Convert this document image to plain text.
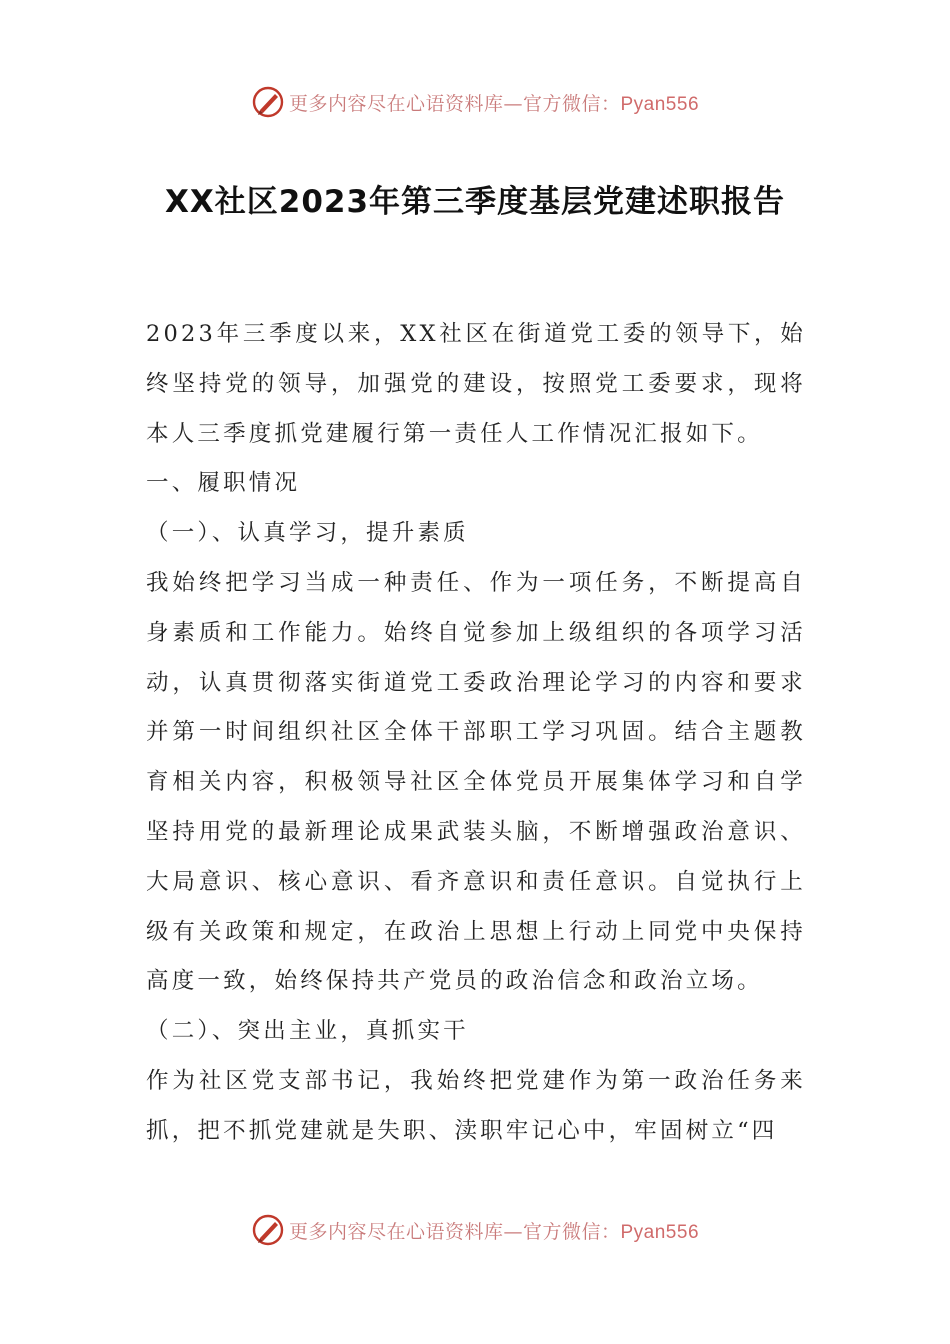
更多内容尽在心语资料库—官方微信：Pyan556
XX社区2023年第三季度基层党建述职报告

2023年三季度以来，XX社区在街道党工委的领导下，始终坚持党的领导，加强党的建设，按照党工委要求，现将本人三季度抓党建履行第一责任人工作情况汇报如下。

一、履职情况

（一）、认真学习，提升素质

我始终把学习当成一种责任、作为一项任务，不断提高自身素质和工作能力。始终自觉参加上级组织的各项学习活动，认真贯彻落实街道党工委政治理论学习的内容和要求并第一时间组织社区全体干部职工学习巩固。结合主题教育相关内容，积极领导社区全体党员开展集体学习和自学坚持用党的最新理论成果武装头脑，不断增强政治意识、大局意识、核心意识、看齐意识和责任意识。自觉执行上级有关政策和规定，在政治上思想上行动上同党中央保持高度一致，始终保持共产党员的政治信念和政治立场。

（二）、突出主业，真抓实干

作为社区党支部书记，我始终把党建作为第一政治任务来抓，把不抓党建就是失职、渎职牢记心中，牢固树立“四

更多内容尽在心语资料库—官方微信：Pyan556
